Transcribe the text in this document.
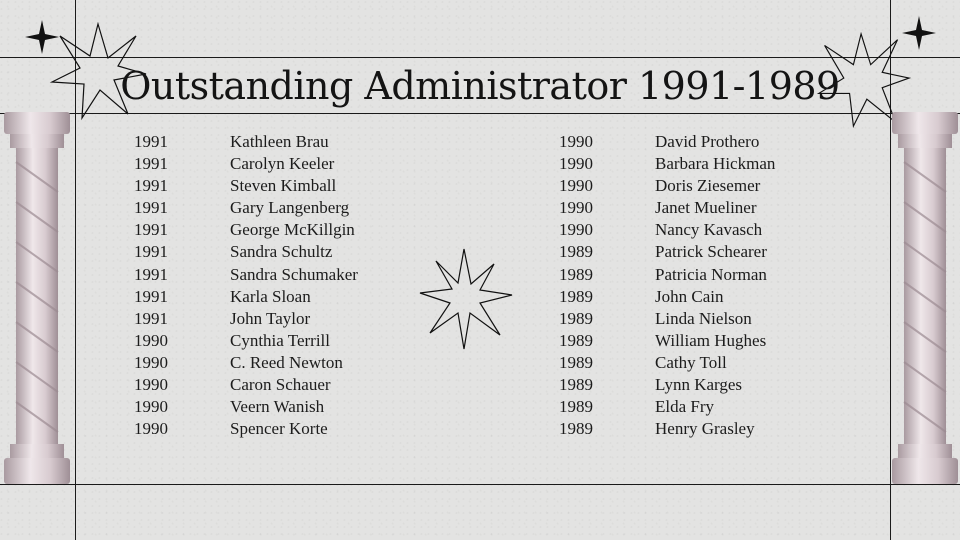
Outstanding Administrator 1991-1989
1991	Kathleen Brau
1991	Carolyn Keeler
1991	Steven Kimball
1991	Gary Langenberg
1991	George McKillgin
1991	Sandra Schultz
1991	Sandra Schumaker
1991	Karla Sloan
1991	John Taylor
1990	Cynthia Terrill
1990	C. Reed Newton
1990	Caron Schauer
1990	Veern Wanish
1990	Spencer Korte
1990	David Prothero
1990	Barbara Hickman
1990	Doris Ziesemer
1990	Janet Mueliner
1990	Nancy Kavasch
1989	Patrick Schearer
1989	Patricia Norman
1989	John Cain
1989	Linda Nielson
1989	William Hughes
1989	Cathy Toll
1989	Lynn Karges
1989	Elda Fry
1989	Henry Grasley
